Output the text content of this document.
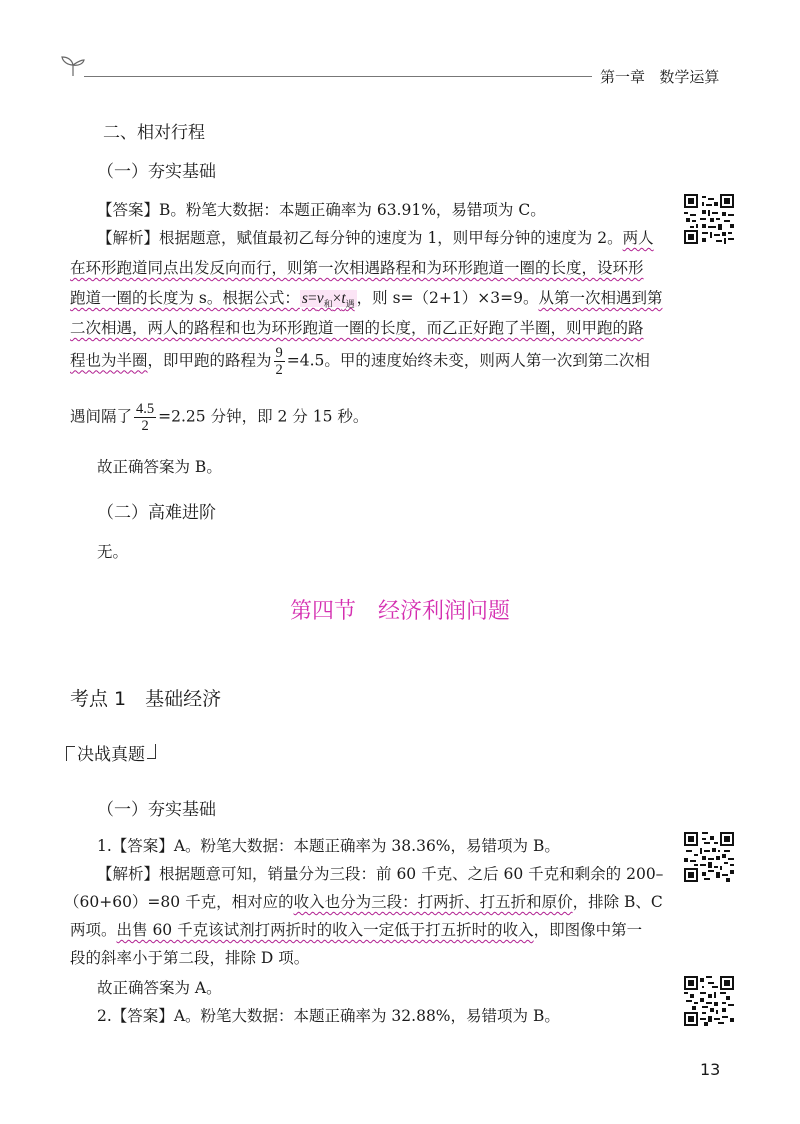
第一章 数学运算
二、相对行程
（一）夯实基础
【答案】B。粉笔大数据：本题正确率为 63.91%，易错项为 C。
【解析】根据题意，赋值最初乙每分钟的速度为 1，则甲每分钟的速度为 2。两人
在环形跑道同点出发反向而行，则第一次相遇路程和为环形跑道一圈的长度，设环形
跑道一圈的长度为 s。根据公式： $s=v_和\times t_遇$ ，则 s=（2+1）×3=9。从第一次相遇到第
二次相遇，两人的路程和也为环形跑道一圈的长度，而乙正好跑了半圈，则甲跑的路
程也为半圈，即甲跑的路程为 $\frac{9}{2} =4.5$。甲的速度始终未变，则两人第一次到第二次相
遇间隔了 $\frac{4.5}{2} =2.25$ 分钟，即 2 分 15 秒。
故正确答案为 B。
（二）高难进阶
无。
第四节　经济利润问题
考点 1　基础经济
决战真题
（一）夯实基础
1.【答案】A。粉笔大数据：本题正确率为 38.36%，易错项为 B。
【解析】根据题意可知，销量分为三段：前 60 千克、之后 60 千克和剩余的 200–
（60+60）=80 千克，相对应的收入也分为三段：打两折、打五折和原价，排除 B、C
两项。出售 60 千克该试剂打两折时的收入一定低于打五折时的收入，即图像中第一
段的斜率小于第二段，排除 D 项。
故正确答案为 A。
2.【答案】A。粉笔大数据：本题正确率为 32.88%，易错项为 B。
13
